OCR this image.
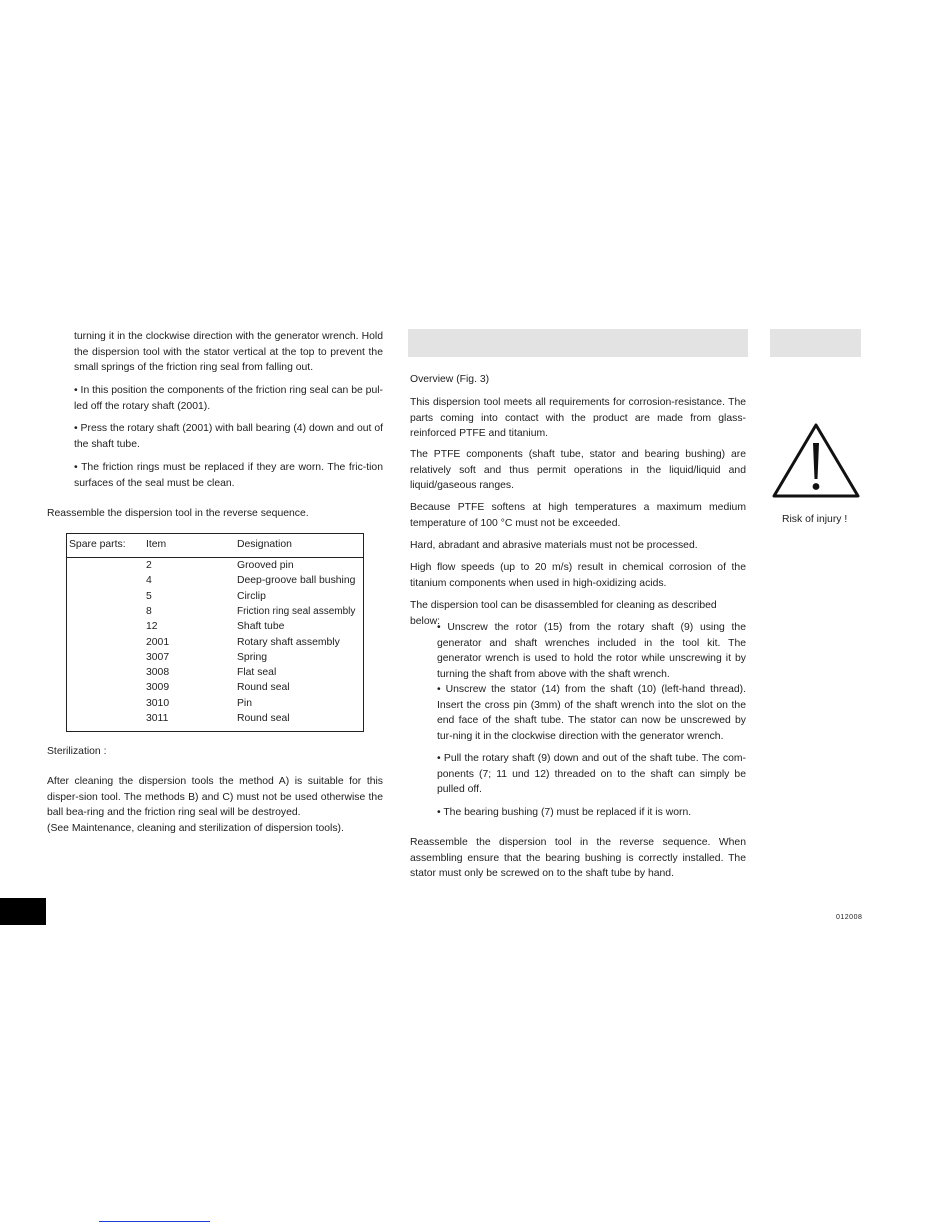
turning it in the clockwise direction with the generator wrench. Hold the dispersion tool with the stator vertical at the top to prevent the small springs of the friction ring seal from falling out.

• In this position the components of the friction ring seal can be pul-led off the rotary shaft (2001).

• Press the rotary shaft (2001) with ball bearing (4) down and out of the shaft tube.

• The friction rings must be replaced if they are worn. The fric-tion surfaces of the seal must be clean.

Reassemble the dispersion tool in the reverse sequence.

Spare parts: Item	Designation
2	Grooved pin
4	Deep-groove ball bushing
5	Circlip
8	Friction ring seal assembly
12	Shaft tube
2001	Rotary shaft assembly
3007	Spring
3008	Flat seal
3009	Round seal
3010	Pin
3011	Round seal

Sterilization :

After cleaning the dispersion tools the method A) is suitable for this disper-sion tool. The methods B) and C) must not be used otherwise the ball bea-ring and the friction ring seal will be destroyed.

(See Maintenance, cleaning and sterilization of dispersion tools).

Overview (Fig. 3)

This dispersion tool meets all requirements for corrosion-resistance. The parts coming into contact with the product are made from glass-reinforced PTFE and titanium.

The PTFE components (shaft tube, stator and bearing bushing) are relatively soft and thus permit operations in the liquid/liquid and liquid/gaseous ranges.

Because PTFE softens at high temperatures a maximum medium temperature of 100 °C must not be exceeded.

Hard, abradant and abrasive materials must not be processed.

High flow speeds (up to 20 m/s) result in chemical corrosion of the titanium components when used in high-oxidizing acids.

The dispersion tool can be disassembled for cleaning as described below:

• Unscrew the rotor (15) from the rotary shaft (9) using the generator and shaft wrenches included in the tool kit. The generator wrench is used to hold the rotor while unscrewing it by turning the shaft from above with the shaft wrench.

• Unscrew the stator (14) from the shaft (10) (left-hand thread). Insert the cross pin (3mm) of the shaft wrench into the slot on the end face of the shaft tube. The stator can now be unscrewed by tur-ning it in the clockwise direction with the generator wrench.

• Pull the rotary shaft (9) down and out of the shaft tube. The com-ponents (7; 11 und 12) threaded on to the shaft can simply be pulled off.

• The bearing bushing (7) must be replaced if it is worn.

Reassemble the dispersion tool in the reverse sequence. When assembling ensure that the bearing bushing is correctly installed. The stator must only be screwed on to the shaft tube by hand.

Risk of injury !

012008
